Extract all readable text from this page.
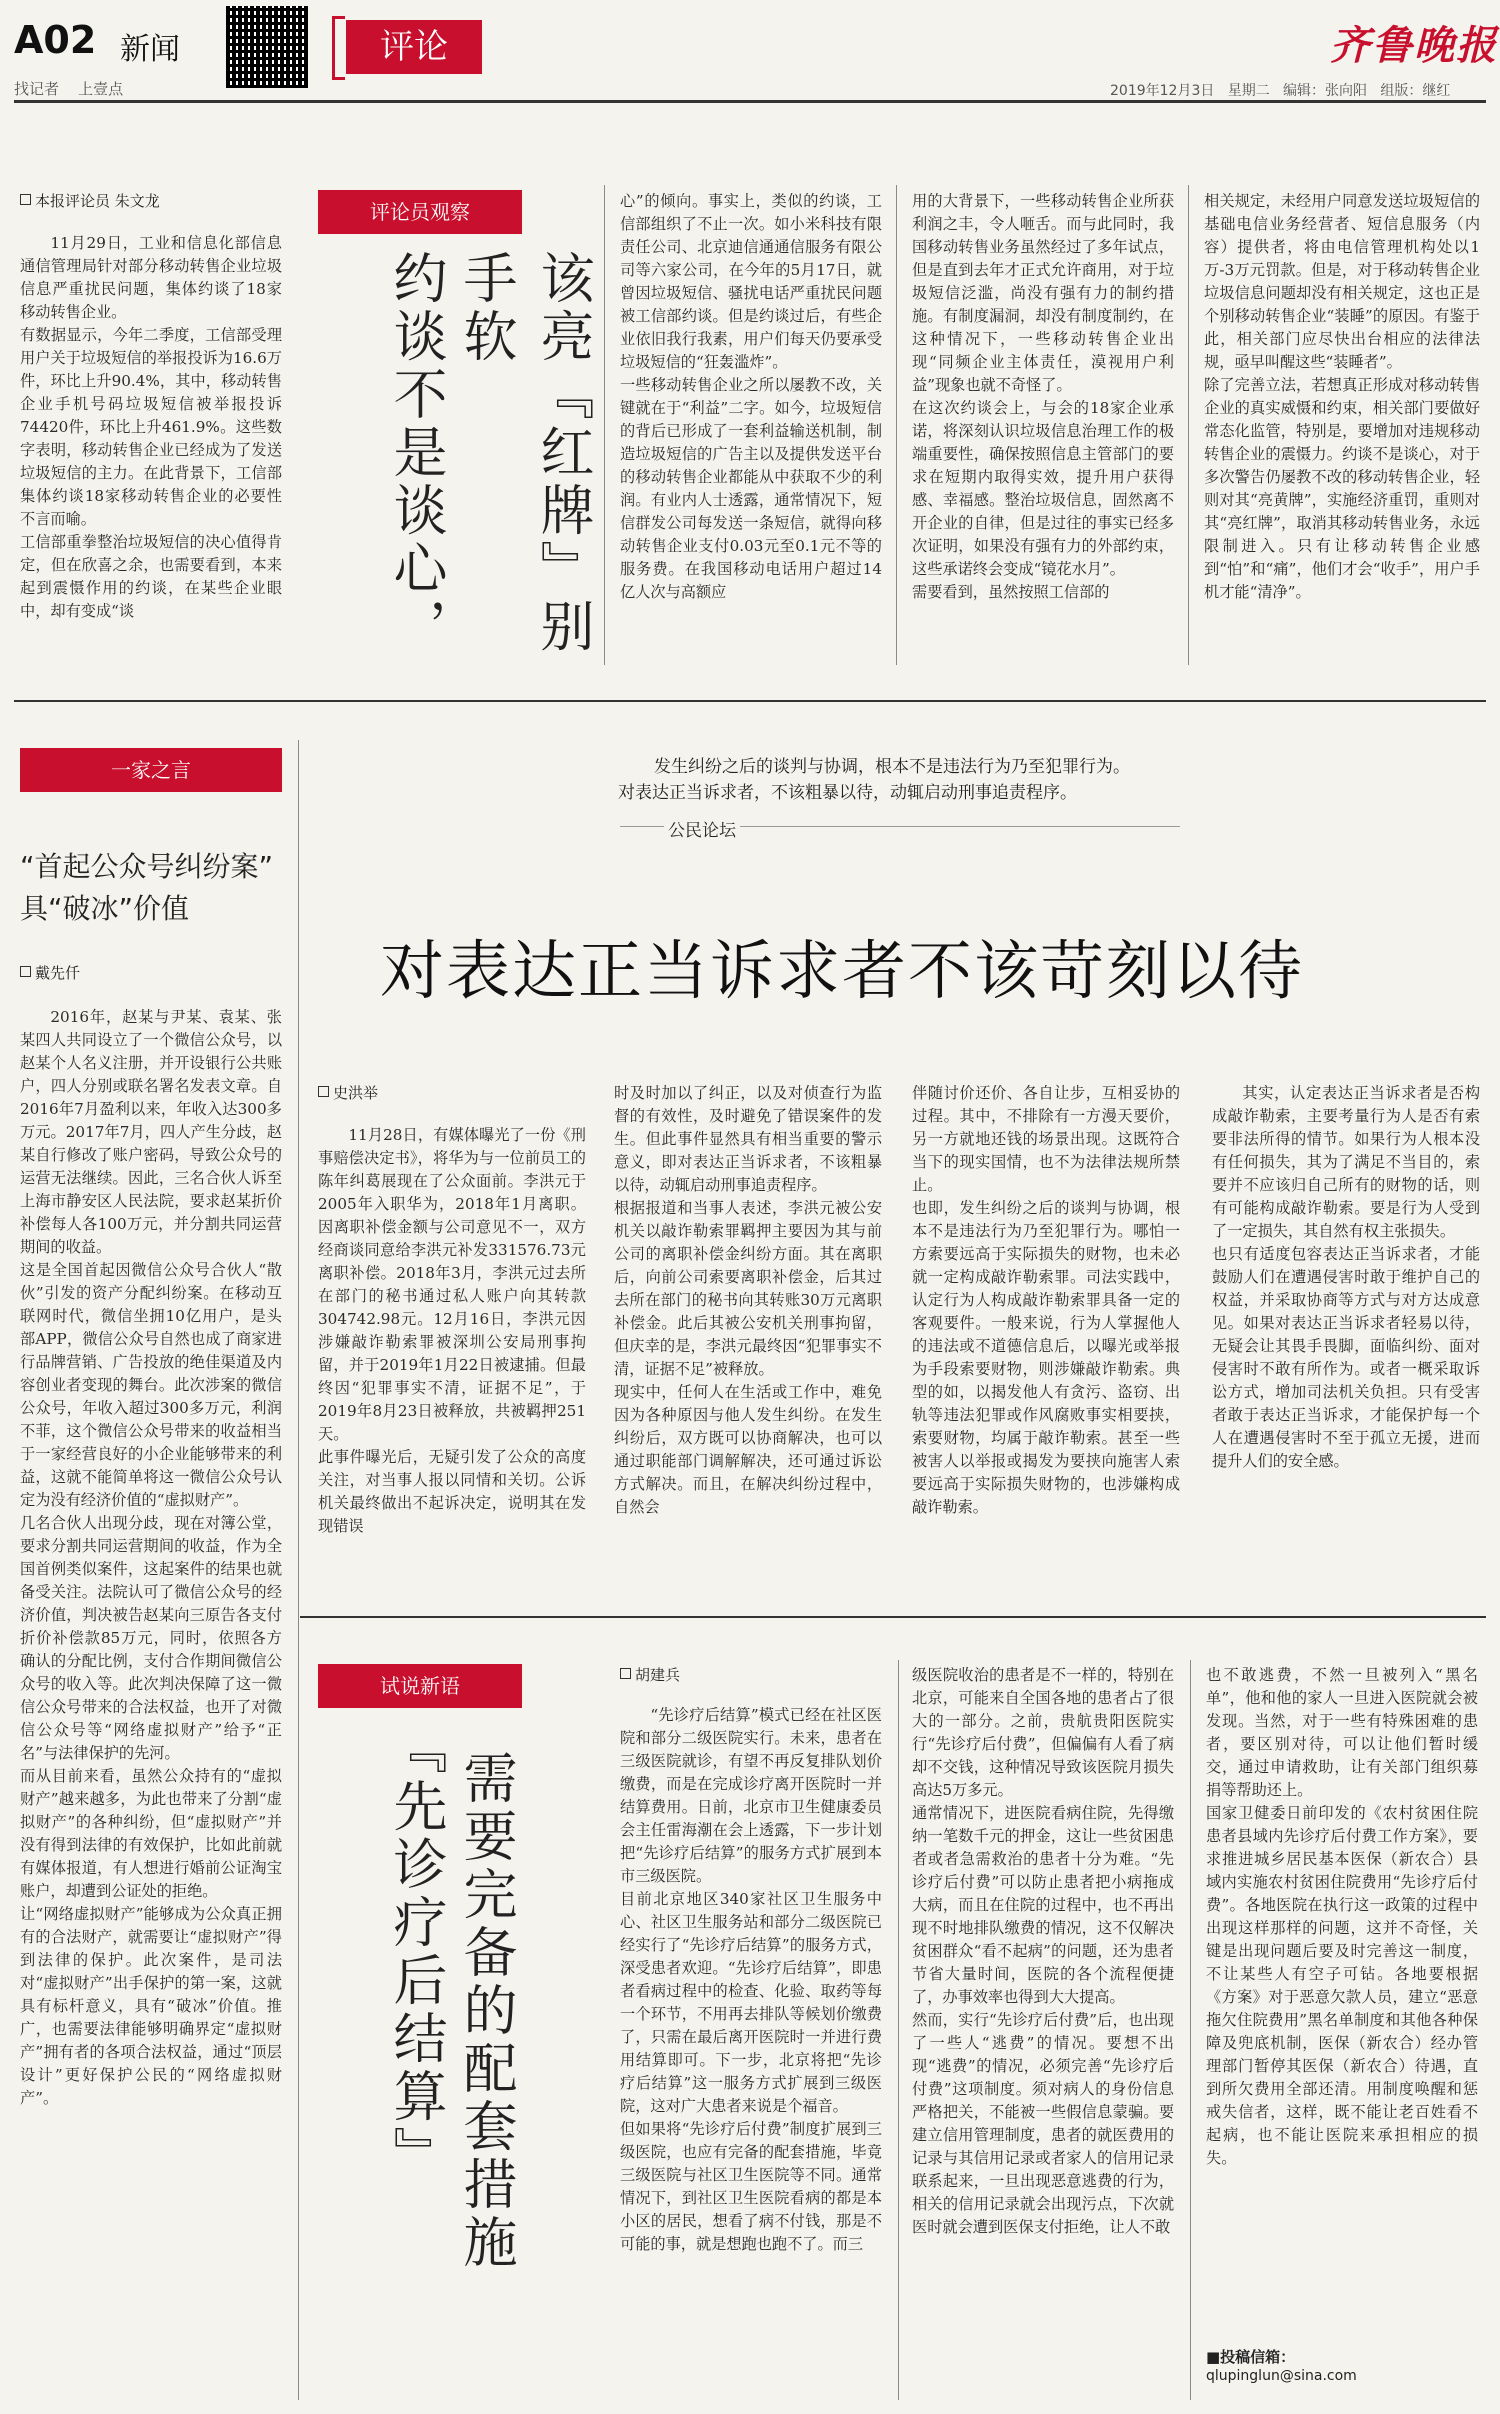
A02 新闻
找记者    上壹点
评论	齐鲁晚报
2019年12月3日   星期二   编辑：张向阳   组版：继红
本报评论员 朱文龙
11月29日，工业和信息化部信息通信管理局针对部分移动转售企业垃圾信息严重扰民问题，集体约谈了18家移动转售企业。
有数据显示，今年二季度，工信部受理用户关于垃圾短信的举报投诉为16.6万件，环比上升90.4%，其中，移动转售企业手机号码垃圾短信被举报投诉74420件，环比上升461.9%。这些数字表明，移动转售企业已经成为了发送垃圾短信的主力。在此背景下，工信部集体约谈18家移动转售企业的必要性不言而喻。
工信部重拳整治垃圾短信的决心值得肯定，但在欣喜之余，也需要看到，本来起到震慑作用的约谈，在某些企业眼中，却有变成“谈
评论员观察
该亮『红牌』别手软
约谈不是谈心，
心”的倾向。事实上，类似的约谈，工信部组织了不止一次。如小米科技有限责任公司、北京迪信通通信服务有限公司等六家公司，在今年的5月17日，就曾因垃圾短信、骚扰电话严重扰民问题被工信部约谈。但是约谈过后，有些企业依旧我行我素，用户们每天仍要承受垃圾短信的“狂轰滥炸”。
一些移动转售企业之所以屡教不改，关键就在于“利益”二字。如今，垃圾短信的背后已形成了一套利益输送机制，制造垃圾短信的广告主以及提供发送平台的移动转售企业都能从中获取不少的利润。有业内人士透露，通常情况下，短信群发公司每发送一条短信，就得向移动转售企业支付0.03元至0.1元不等的服务费。在我国移动电话用户超过14亿人次与高额应
用的大背景下，一些移动转售企业所获利润之丰，令人咂舌。而与此同时，我国移动转售业务虽然经过了多年试点，但是直到去年才正式允许商用，对于垃圾短信泛滥，尚没有强有力的制约措施。有制度漏洞，却没有制度制约，在这种情况下，一些移动转售企业出现“同频企业主体责任，漠视用户利益”现象也就不奇怪了。
在这次约谈会上，与会的18家企业承诺，将深刻认识垃圾信息治理工作的极端重要性，确保按照信息主管部门的要求在短期内取得实效，提升用户获得感、幸福感。整治垃圾信息，固然离不开企业的自律，但是过往的事实已经多次证明，如果没有强有力的外部约束，这些承诺终会变成“镜花水月”。
需要看到，虽然按照工信部的
相关规定，未经用户同意发送垃圾短信的基础电信业务经营者、短信息服务（内容）提供者，将由电信管理机构处以1万-3万元罚款。但是，对于移动转售企业垃圾信息问题却没有相关规定，这也正是个别移动转售企业“装睡”的原因。有鉴于此，相关部门应尽快出台相应的法律法规，亟早叫醒这些“装睡者”。
除了完善立法，若想真正形成对移动转售企业的真实威慑和约束，相关部门要做好常态化监管，特别是，要增加对违规移动转售企业的震慑力。约谈不是谈心，对于多次警告仍屡教不改的移动转售企业，轻则对其“亮黄牌”，实施经济重罚，重则对其“亮红牌”，取消其移动转售业务，永远限制进入。只有让移动转售企业感到“怕”和“痛”，他们才会“收手”，用户手机才能“清净”。
一家之言
“首起公众号纠纷案”
具“破冰”价值
戴先仟
2016年，赵某与尹某、袁某、张某四人共同设立了一个微信公众号，以赵某个人名义注册，并开设银行公共账户，四人分别或联名署名发表文章。自2016年7月盈利以来，年收入达300多万元。2017年7月，四人产生分歧，赵某自行修改了账户密码，导致公众号的运营无法继续。因此，三名合伙人诉至上海市静安区人民法院，要求赵某折价补偿每人各100万元，并分割共同运营期间的收益。
这是全国首起因微信公众号合伙人“散伙”引发的资产分配纠纷案。在移动互联网时代，微信坐拥10亿用户，是头部APP，微信公众号自然也成了商家进行品牌营销、广告投放的绝佳渠道及内容创业者变现的舞台。此次涉案的微信公众号，年收入超过300多万元，利润不菲，这个微信公众号带来的收益相当于一家经营良好的小企业能够带来的利益，这就不能简单将这一微信公众号认定为没有经济价值的“虚拟财产”。
几名合伙人出现分歧，现在对簿公堂，要求分割共同运营期间的收益，作为全国首例类似案件，这起案件的结果也就备受关注。法院认可了微信公众号的经济价值，判决被告赵某向三原告各支付折价补偿款85万元，同时，依照各方确认的分配比例，支付合作期间微信公众号的收入等。此次判决保障了这一微信公众号带来的合法权益，也开了对微信公众号等“网络虚拟财产”给予“正名”与法律保护的先河。
而从目前来看，虽然公众持有的“虚拟财产”越来越多，为此也带来了分割“虚拟财产”的各种纠纷，但“虚拟财产”并没有得到法律的有效保护，比如此前就有媒体报道，有人想进行婚前公证淘宝账户，却遭到公证处的拒绝。
让“网络虚拟财产”能够成为公众真正拥有的合法财产，就需要让“虚拟财产”得到法律的保护。此次案件，是司法对“虚拟财产”出手保护的第一案，这就具有标杆意义，具有“破冰”价值。推广，也需要法律能够明确界定“虚拟财产”拥有者的各项合法权益，通过“顶层设计”更好保护公民的“网络虚拟财产”。
发生纠纷之后的谈判与协调，根本不是违法行为乃至犯罪行为。
对表达正当诉求者，不该粗暴以待，动辄启动刑事追责程序。
公民论坛
对表达正当诉求者不该苛刻以待
史洪举
11月28日，有媒体曝光了一份《刑事赔偿决定书》，将华为与一位前员工的陈年纠葛展现在了公众面前。李洪元于2005年入职华为，2018年1月离职。因离职补偿金额与公司意见不一，双方经商谈同意给李洪元补发331576.73元离职补偿。2018年3月，李洪元过去所在部门的秘书通过私人账户向其转款304742.98元。12月16日，李洪元因涉嫌敲诈勒索罪被深圳公安局刑事拘留，并于2019年1月22日被逮捕。但最终因“犯罪事实不清，证据不足”，于2019年8月23日被释放，共被羁押251天。
此事件曝光后，无疑引发了公众的高度关注，对当事人报以同情和关切。公诉机关最终做出不起诉决定，说明其在发现错误
时及时加以了纠正，以及对侦查行为监督的有效性，及时避免了错误案件的发生。但此事件显然具有相当重要的警示意义，即对表达正当诉求者，不该粗暴以待，动辄启动刑事追责程序。
根据报道和当事人表述，李洪元被公安机关以敲诈勒索罪羁押主要因为其与前公司的离职补偿金纠纷方面。其在离职后，向前公司索要离职补偿金，后其过去所在部门的秘书向其转账30万元离职补偿金。此后其被公安机关刑事拘留，但庆幸的是，李洪元最终因“犯罪事实不清，证据不足”被释放。
现实中，任何人在生活或工作中，难免因为各种原因与他人发生纠纷。在发生纠纷后，双方既可以协商解决，也可以通过职能部门调解解决，还可通过诉讼方式解决。而且，在解决纠纷过程中，自然会
伴随讨价还价、各自让步，互相妥协的过程。其中，不排除有一方漫天要价，另一方就地还钱的场景出现。这既符合当下的现实国情，也不为法律法规所禁止。
也即，发生纠纷之后的谈判与协调，根本不是违法行为乃至犯罪行为。哪怕一方索要远高于实际损失的财物，也未必就一定构成敲诈勒索罪。司法实践中，认定行为人构成敲诈勒索罪具备一定的客观要件。一般来说，行为人掌握他人的违法或不道德信息后，以曝光或举报为手段索要财物，则涉嫌敲诈勒索。典型的如，以揭发他人有贪污、盗窃、出轨等违法犯罪或作风腐败事实相要挟，索要财物，均属于敲诈勒索。甚至一些被害人以举报或揭发为要挟向施害人索要远高于实际损失财物的，也涉嫌构成敲诈勒索。
其实，认定表达正当诉求者是否构成敲诈勒索，主要考量行为人是否有索要非法所得的情节。如果行为人根本没有任何损失，其为了满足不当目的，索要并不应该归自己所有的财物的话，则有可能构成敲诈勒索。要是行为人受到了一定损失，其自然有权主张损失。
也只有适度包容表达正当诉求者，才能鼓励人们在遭遇侵害时敢于维护自己的权益，并采取协商等方式与对方达成意见。如果对表达正当诉求者轻易以待，无疑会让其畏手畏脚，面临纠纷、面对侵害时不敢有所作为。或者一概采取诉讼方式，增加司法机关负担。只有受害者敢于表达正当诉求，才能保护每一个人在遭遇侵害时不至于孤立无援，进而提升人们的安全感。
试说新语
需要完备的配套措施
『先诊疗后结算』
胡建兵
“先诊疗后结算”模式已经在社区医院和部分二级医院实行。未来，患者在三级医院就诊，有望不再反复排队划价缴费，而是在完成诊疗离开医院时一并结算费用。日前，北京市卫生健康委员会主任雷海潮在会上透露，下一步计划把“先诊疗后结算”的服务方式扩展到本市三级医院。
目前北京地区340家社区卫生服务中心、社区卫生服务站和部分二级医院已经实行了“先诊疗后结算”的服务方式，深受患者欢迎。“先诊疗后结算”，即患者看病过程中的检查、化验、取药等每一个环节，不用再去排队等候划价缴费了，只需在最后离开医院时一并进行费用结算即可。下一步，北京将把“先诊疗后结算”这一服务方式扩展到三级医院，这对广大患者来说是个福音。
但如果将“先诊疗后付费”制度扩展到三级医院，也应有完备的配套措施，毕竟三级医院与社区卫生医院等不同。通常情况下，到社区卫生医院看病的都是本小区的居民，想看了病不付钱，那是不可能的事，就是想跑也跑不了。而三
级医院收治的患者是不一样的，特别在北京，可能来自全国各地的患者占了很大的一部分。之前，贵航贵阳医院实行“先诊疗后付费”，但偏偏有人看了病却不交钱，这种情况导致该医院月损失高达5万多元。
通常情况下，进医院看病住院，先得缴纳一笔数千元的押金，这让一些贫困患者或者急需救治的患者十分为难。“先诊疗后付费”可以防止患者把小病拖成大病，而且在住院的过程中，也不再出现不时地排队缴费的情况，这不仅解决贫困群众“看不起病”的问题，还为患者节省大量时间，医院的各个流程便捷了，办事效率也得到大大提高。
然而，实行“先诊疗后付费”后，也出现了一些人“逃费”的情况。要想不出现“逃费”的情况，必须完善“先诊疗后付费”这项制度。须对病人的身份信息严格把关，不能被一些假信息蒙骗。要建立信用管理制度，患者的就医费用的记录与其信用记录或者家人的信用记录联系起来，一旦出现恶意逃费的行为，相关的信用记录就会出现污点，下次就医时就会遭到医保支付拒绝，让人不敢
也不敢逃费，不然一旦被列入“黑名单”，他和他的家人一旦进入医院就会被发现。当然，对于一些有特殊困难的患者，要区别对待，可以让他们暂时缓交，通过申请救助，让有关部门组织募捐等帮助还上。
国家卫健委日前印发的《农村贫困住院患者县域内先诊疗后付费工作方案》，要求推进城乡居民基本医保（新农合）县域内实施农村贫困住院费用“先诊疗后付费”。各地医院在执行这一政策的过程中出现这样那样的问题，这并不奇怪，关键是出现问题后要及时完善这一制度，不让某些人有空子可钻。各地要根据《方案》对于恶意欠款人员，建立“恶意拖欠住院费用”黑名单制度和其他各种保障及兜底机制，医保（新农合）经办管理部门暂停其医保（新农合）待遇，直到所欠费用全部还清。用制度唤醒和惩戒失信者，这样，既不能让老百姓看不起病，也不能让医院来承担相应的损失。
■投稿信箱：
qlupinglun@sina.com
